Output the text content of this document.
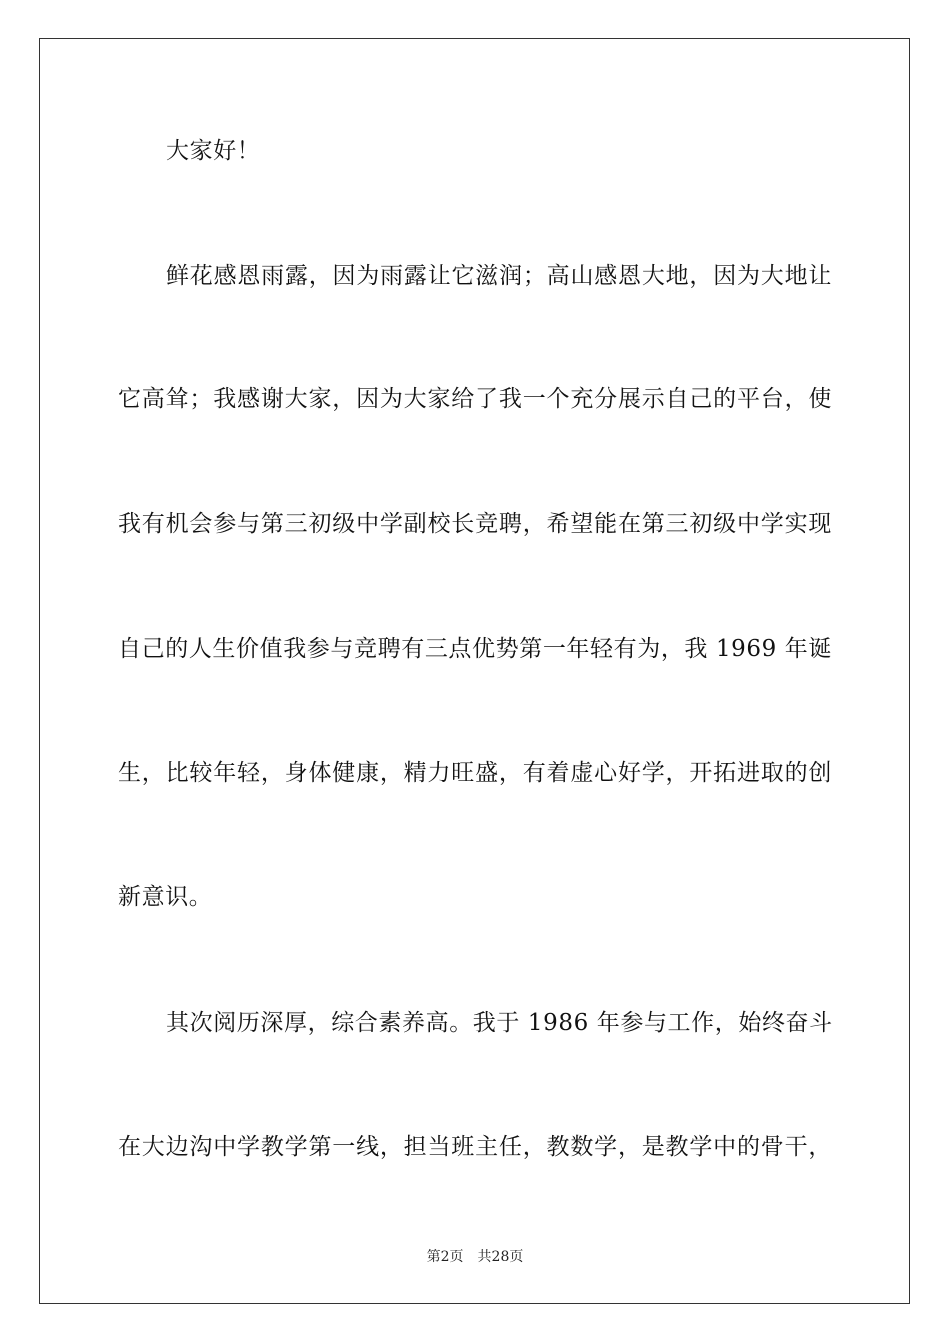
大家好！
鲜花感恩雨露，因为雨露让它滋润；高山感恩大地，因为大地让
它高耸；我感谢大家，因为大家给了我一个充分展示自己的平台，使
我有机会参与第三初级中学副校长竞聘，希望能在第三初级中学实现
自己的人生价值我参与竞聘有三点优势第一年轻有为，我 1969 年诞
生，比较年轻，身体健康，精力旺盛，有着虚心好学，开拓进取的创
新意识。
其次阅历深厚，综合素养高。我于 1986 年参与工作，始终奋斗
在大边沟中学教学第一线，担当班主任，教数学，是教学中的骨干，
第2页 共28页
